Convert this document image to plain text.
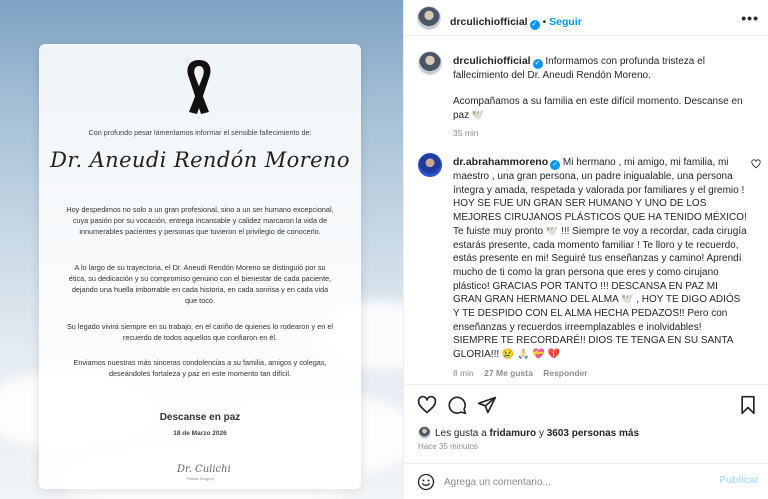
Con profundo pesar lamentamos informar el sensible fallecimiento de:
Dr. Aneudi Rendón Moreno
Hoy despedimos no solo a un gran profesional, sino a un ser humano excepcional, cuya pasión por su vocación, entrega incansable y calidez marcaron la vida de innumerables pacientes y personas que tuvieron el privilegio de conocerlo.
A lo largo de su trayectoria, el Dr. Aneudi Rendón Moreno se distinguió por su ética, su dedicación y su compromiso genuino con el bienestar de cada paciente, dejando una huella imborrable en cada historia, en cada sonrisa y en cada vida que tocó.
Su legado vivirá siempre en su trabajo, en el cariño de quienes lo rodearon y en el recuerdo de todos aquellos que confiaron en él.
Enviamos nuestras más sinceras condolencias a su familia, amigos y colegas, deseándoles fortaleza y paz en este momento tan difícil.
Descanse en paz
18 de Marzo 2026
Dr. Culichi
Plastic Surgery
drculichiofficial ✓ • Seguir	•••
drculichiofficial ✓ Informamos con profunda tristeza el fallecimiento del Dr. Aneudi Rendón Moreno.
Acompañamos a su familia en este difícil momento. Descanse en paz 🕊️
35 min
dr.abrahammoreno ✓ Mi hermano , mi amigo, mi familia, mi maestro , una gran persona, un padre inigualable, una persona íntegra y amada, respetada y valorada por familiares y el gremio ! HOY SE FUE UN GRAN SER HUMANO Y UNO DE LOS MEJORES CIRUJANOS PLÁSTICOS QUE HA TENIDO MÉXICO! Te fuiste muy pronto 🕊️ !!! Siempre te voy a recordar, cada cirugía estarás presente, cada momento familiar ! Te lloro y te recuerdo, estás presente en mi! Seguiré tus enseñanzas y camino! Aprendí mucho de ti como la gran persona que eres y como cirujano plástico! GRACIAS POR TANTO !!! DESCANSA EN PAZ MI GRAN GRAN HERMANO DEL ALMA 🕊️ , HOY TE DIGO ADIÓS Y TE DESPIDO CON EL ALMA HECHA PEDAZOS!! Pero con enseñanzas y recuerdos irreemplazables e inolvidables! SIEMPRE TE RECORDARÉ!! DIOS TE TENGA EN SU SANTA GLORIA!!! 😢 🙏🏻 💝 💔
8 min 27 Me gusta Responder
Les gusta a fridamuro y 3603 personas más
Hace 35 minutos
Agrega un comentario...
Publicar
